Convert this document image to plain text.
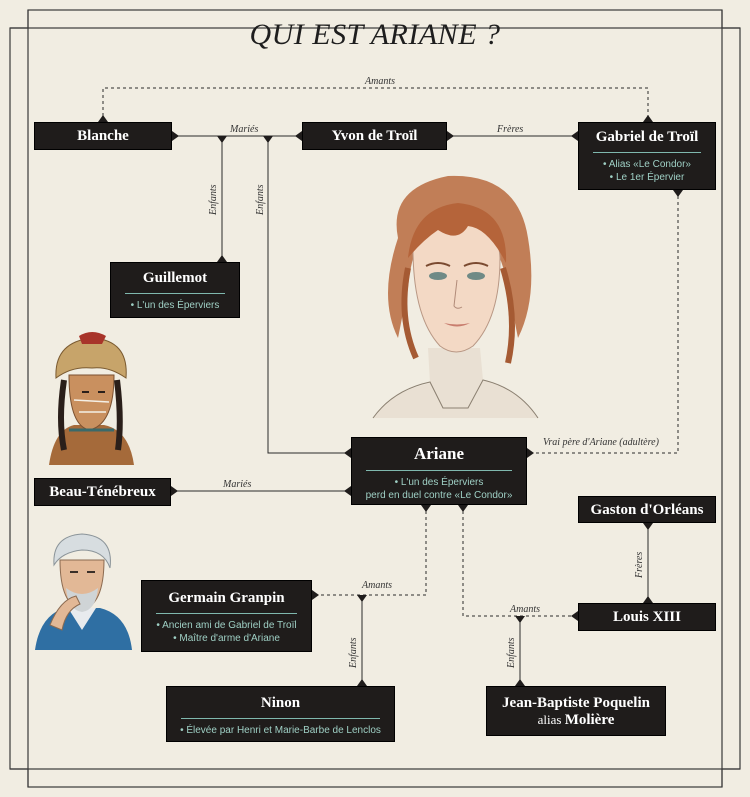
QUI EST ARIANE ?
Amants
Mariés	Frères
Enfants	Enfants
Vrai père d'Ariane (adultère)
Mariés
Frères
Amants
Amants
Enfants	Enfants
Blanche	Yvon de Troïl	Gabriel de Troïl
• Alias «Le Condor»
• Le 1er Épervier
Guillemot
• L'un des Éperviers
Ariane
• L'un des Éperviers
perd en duel contre «Le Condor»
Beau-Ténébreux
Gaston d'Orléans
Germain Granpin
• Ancien ami de Gabriel de Troïl
• Maître d'arme d'Ariane
Louis XIII
Ninon
• Élevée par Henri et Marie-Barbe de Lenclos
Jean-Baptiste Poquelin
alias Molière
